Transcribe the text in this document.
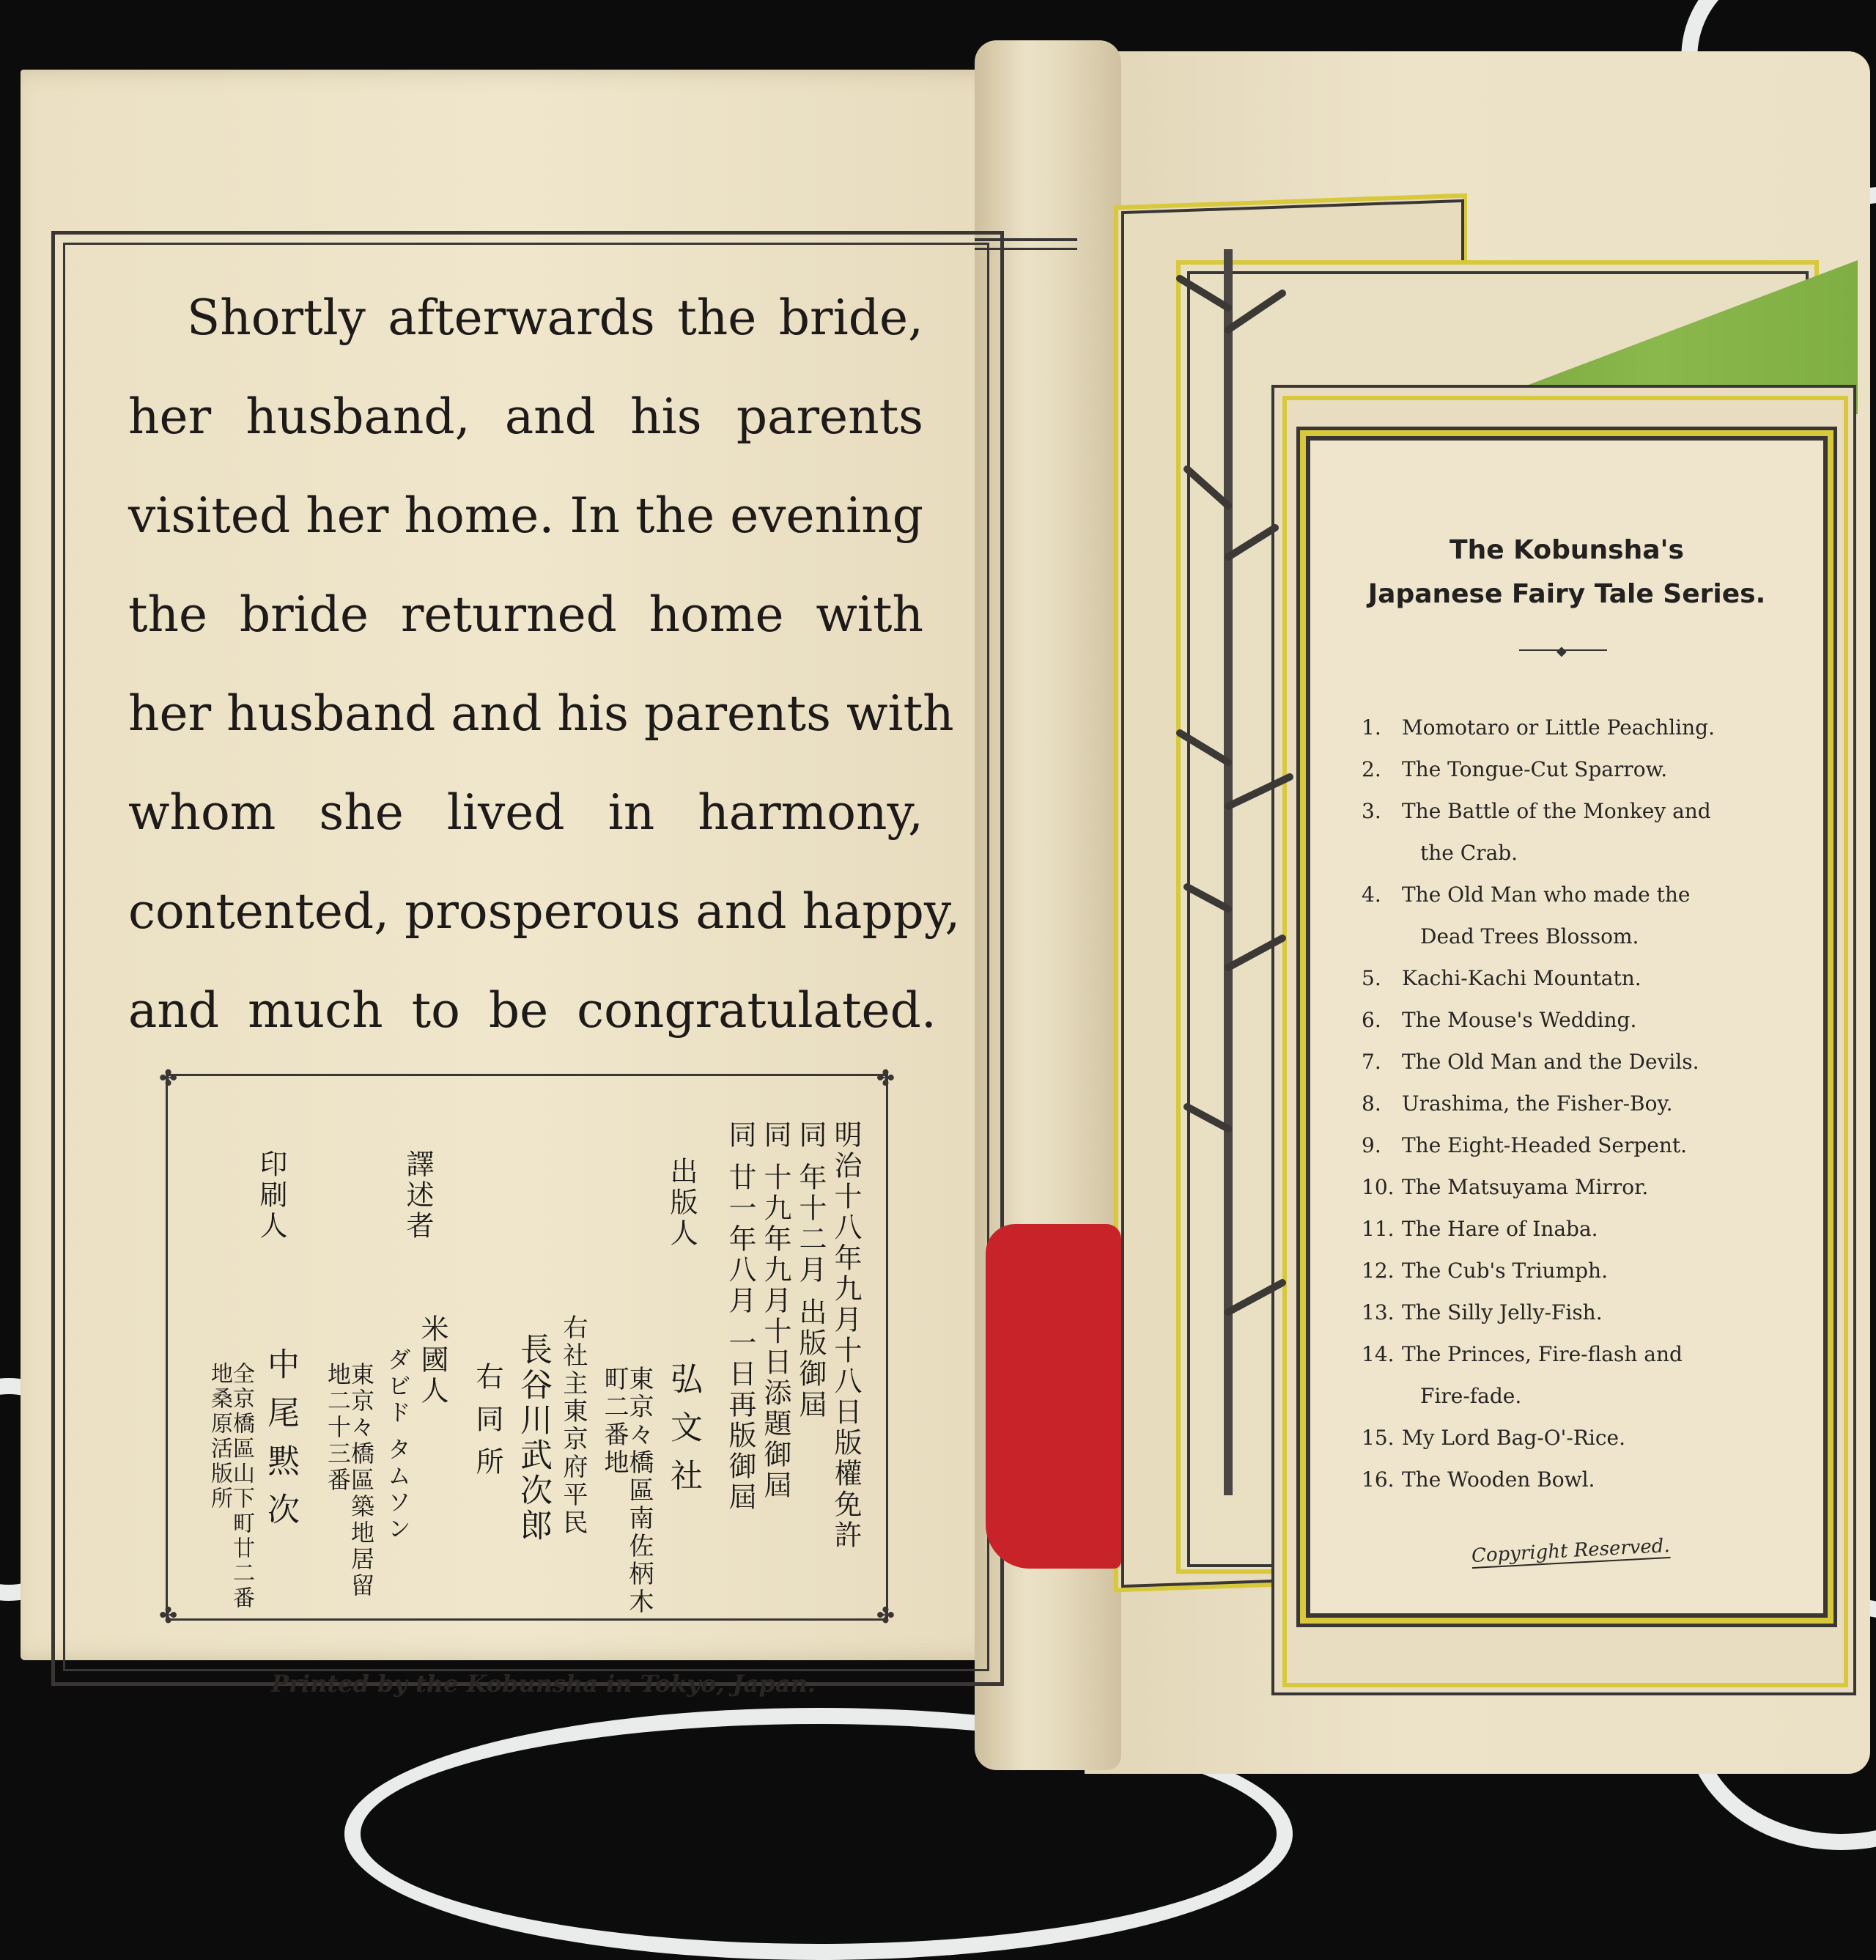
Shortly afterwards the bride,
her husband, and his parents
visited her home. In the evening
the bride returned home with
her husband and his parents with
whom she lived in harmony,
contented, prosperous and happy,
and much to be congratulated.
✤	✤
✤	✤
明治十八年九月十八日版權免許
同 年十二月 出版御屆
同 十九年九月十日添題御屆
同 廿一年八月 一日再版御屆
出版人
弘 文 社
東京々橋區南佐柄木町二番地
右社主東京府平民
長谷川武次郎
右 同 所
譯述者
米國人
ダビド タムソン
東京々橋區築地居留地二十三番
印刷人
中 尾 黙 次
全京橋區山下町廿二番地桑原活版所
Printed by the Kobunsha in Tokyo, Japan.
The Kobunsha's
Japanese Fairy Tale Series.
◆
1. Momotaro or Little Peachling.
2. The Tongue-Cut Sparrow.
3. The Battle of the Monkey and
the Crab.
4. The Old Man who made the
Dead Trees Blossom.
5. Kachi-Kachi Mountatn.
6. The Mouse's Wedding.
7. The Old Man and the Devils.
8. Urashima, the Fisher-Boy.
9. The Eight-Headed Serpent.
10. The Matsuyama Mirror.
11. The Hare of Inaba.
12. The Cub's Triumph.
13. The Silly Jelly-Fish.
14. The Princes, Fire-flash and
Fire-fade.
15. My Lord Bag-O'-Rice.
16. The Wooden Bowl.
Copyright Reserved.
